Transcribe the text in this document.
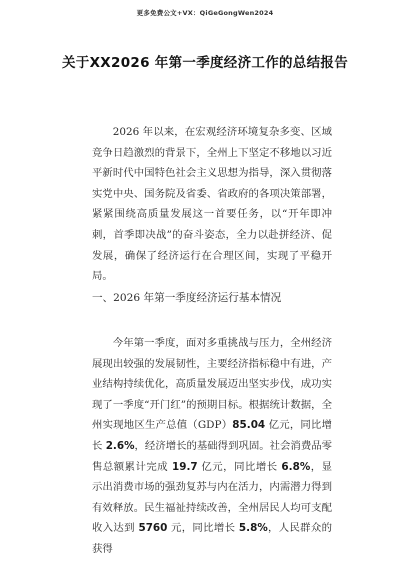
更多免费公文+VX：QiGeGongWen2024
关于XX2026 年第一季度经济工作的总结报告

2026 年以来，在宏观经济环境复杂多变、区域竞争日趋激烈的背景下，全州上下坚定不移地以习近平新时代中国特色社会主义思想为指导，深入贯彻落实党中央、国务院及省委、省政府的各项决策部署，紧紧围绕高质量发展这一首要任务，以“开年即冲刺，首季即决战”的奋斗姿态，全力以赴拼经济、促发展，确保了经济运行在合理区间，实现了平稳开局。

一、2026 年第一季度经济运行基本情况

今年第一季度，面对多重挑战与压力，全州经济展现出较强的发展韧性，主要经济指标稳中有进，产业结构持续优化，高质量发展迈出坚实步伐，成功实现了一季度“开门红”的预期目标。根据统计数据，全州实现地区生产总值（GDP）85.04 亿元，同比增长 2.6%，经济增长的基础得到巩固。社会消费品零售总额累计完成 19.7 亿元，同比增长 6.8%，显示出消费市场的强劲复苏与内在活力，内需潜力得到有效释放。民生福祉持续改善，全州居民人均可支配收入达到 5760 元，同比增长 5.8%，人民群众的获得
